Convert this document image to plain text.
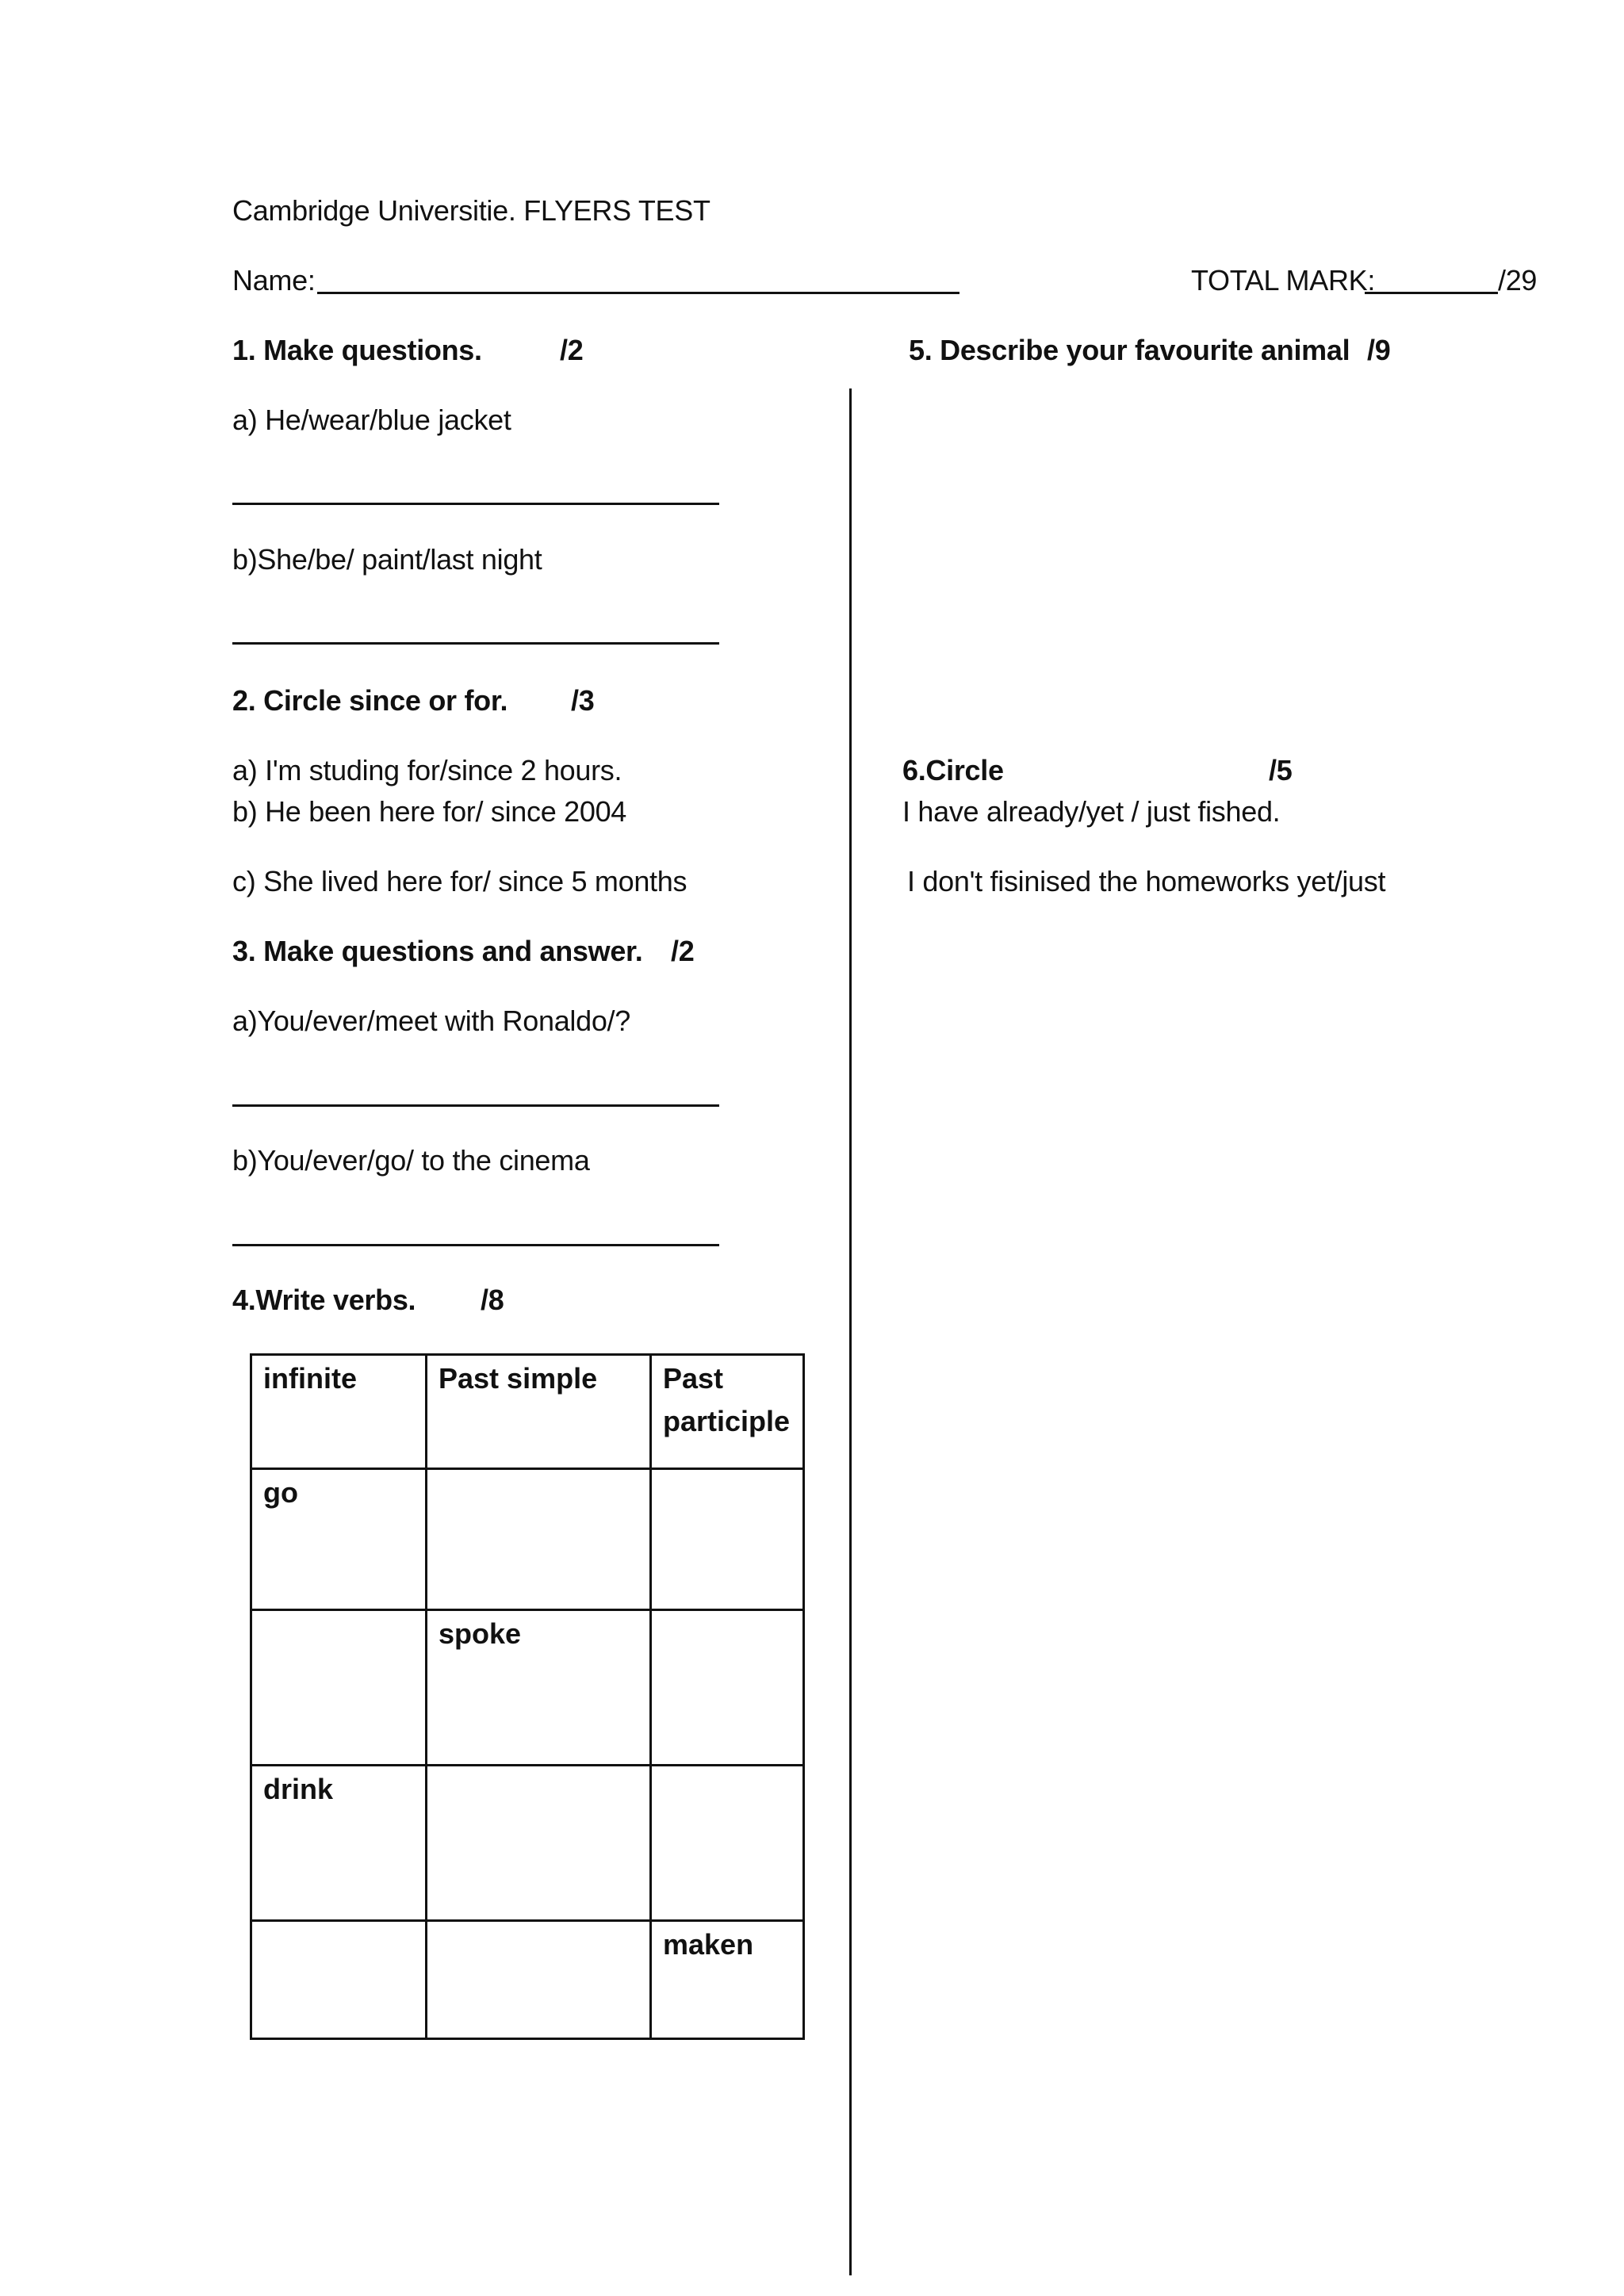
Cambridge Universitie. FLYERS TEST
Name:	TOTAL MARK:	/29
1. Make questions.	/2
a) He/wear/blue jacket
b)She/be/ paint/last night
2. Circle since or for. /3
a) I'm studing for/since 2 hours.
b) He been here for/ since 2004
c) She lived here for/ since 5 months
3. Make questions and answer. /2
a)You/ever/meet with Ronaldo/?
b)You/ever/go/ to the cinema
4.Write verbs. /8
infinite	Past simple	Past participle
go		
	spoke	
drink		
		maken
5. Describe your favourite animal /9
6.Circle	/5
I have already/yet / just fished.
I don't fisinised the homeworks yet/just
